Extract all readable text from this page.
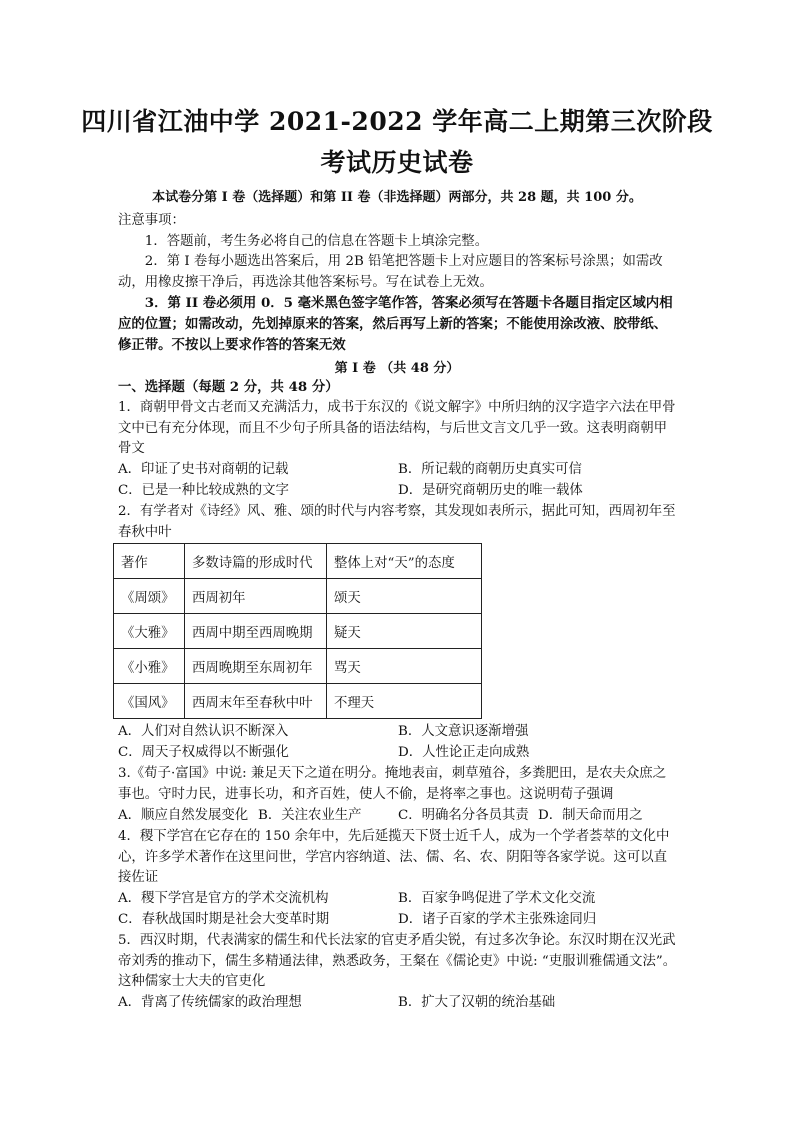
四川省江油中学 2021-2022 学年高二上期第三次阶段
考试历史试卷
本试卷分第 I 卷（选择题）和第 II 卷（非选择题）两部分，共 28 题，共 100 分。

注意事项：

1．答题前，考生务必将自己的信息在答题卡上填涂完整。

2．第 I 卷每小题选出答案后，用 2B 铅笔把答题卡上对应题目的答案标号涂黑；如需改动，用橡皮擦干净后，再选涂其他答案标号。写在试卷上无效。

3．第 II 卷必须用 0．5 毫米黑色签字笔作答，答案必须写在答题卡各题目指定区域内相应的位置；如需改动，先划掉原来的答案，然后再写上新的答案；不能使用涂改液、胶带纸、修正带。不按以上要求作答的答案无效

第 I 卷 （共 48 分）
一、选择题（每题 2 分，共 48 分）

1．商朝甲骨文古老而又充满活力，成书于东汉的《说文解字》中所归纳的汉字造字六法在甲骨文中已有充分体现，而且不少句子所具备的语法结构，与后世文言文几乎一致。这表明商朝甲骨文

A．印证了史书对商朝的记载	B．所记载的商朝历史真实可信
C．已是一种比较成熟的文字	D．是研究商朝历史的唯一载体

2．有学者对《诗经》风、雅、颂的时代与内容考察，其发现如表所示，据此可知，西周初年至春秋中叶

著作	多数诗篇的形成时代	整体上对“天”的态度
《周颂》	西周初年	颂天
《大雅》	西周中期至西周晚期	疑天
《小雅》	西周晚期至东周初年	骂天
《国风》	西周末年至春秋中叶	不理天
A．人们对自然认识不断深入	B．人文意识逐渐增强
C．周天子权威得以不断强化	D．人性论正走向成熟

3.《荀子·富国》中说: 兼足天下之道在明分。掩地表亩，刺草殖谷，多粪肥田，是农夫众庶之事也。守时力民，进事长功，和齐百姓，使人不偷，是将率之事也。这说明荀子强调

A．顺应自然发展变化 B．关注农业生产	C．明确名分各员其责 D．制天命而用之

4．稷下学宫在它存在的 150 余年中，先后延揽天下贤士近千人，成为一个学者荟萃的文化中心，许多学术著作在这里问世，学宫内容纳道、法、儒、名、农、阴阳等各家学说。这可以直接佐证

A．稷下学宫是官方的学术交流机构	B．百家争鸣促进了学术文化交流
C．春秋战国时期是社会大变革时期	D．诸子百家的学术主张殊途同归

5．西汉时期，代表满家的儒生和代长法家的官吏矛盾尖锐，有过多次争论。东汉时期在汉光武帝刘秀的推动下，儒生多精通法律，熟悉政务，王粲在《儒论吏》中说: “吏服训雅儒通文法”。这种儒家士大夫的官吏化

A．背离了传统儒家的政治理想	B．扩大了汉朝的统治基础
